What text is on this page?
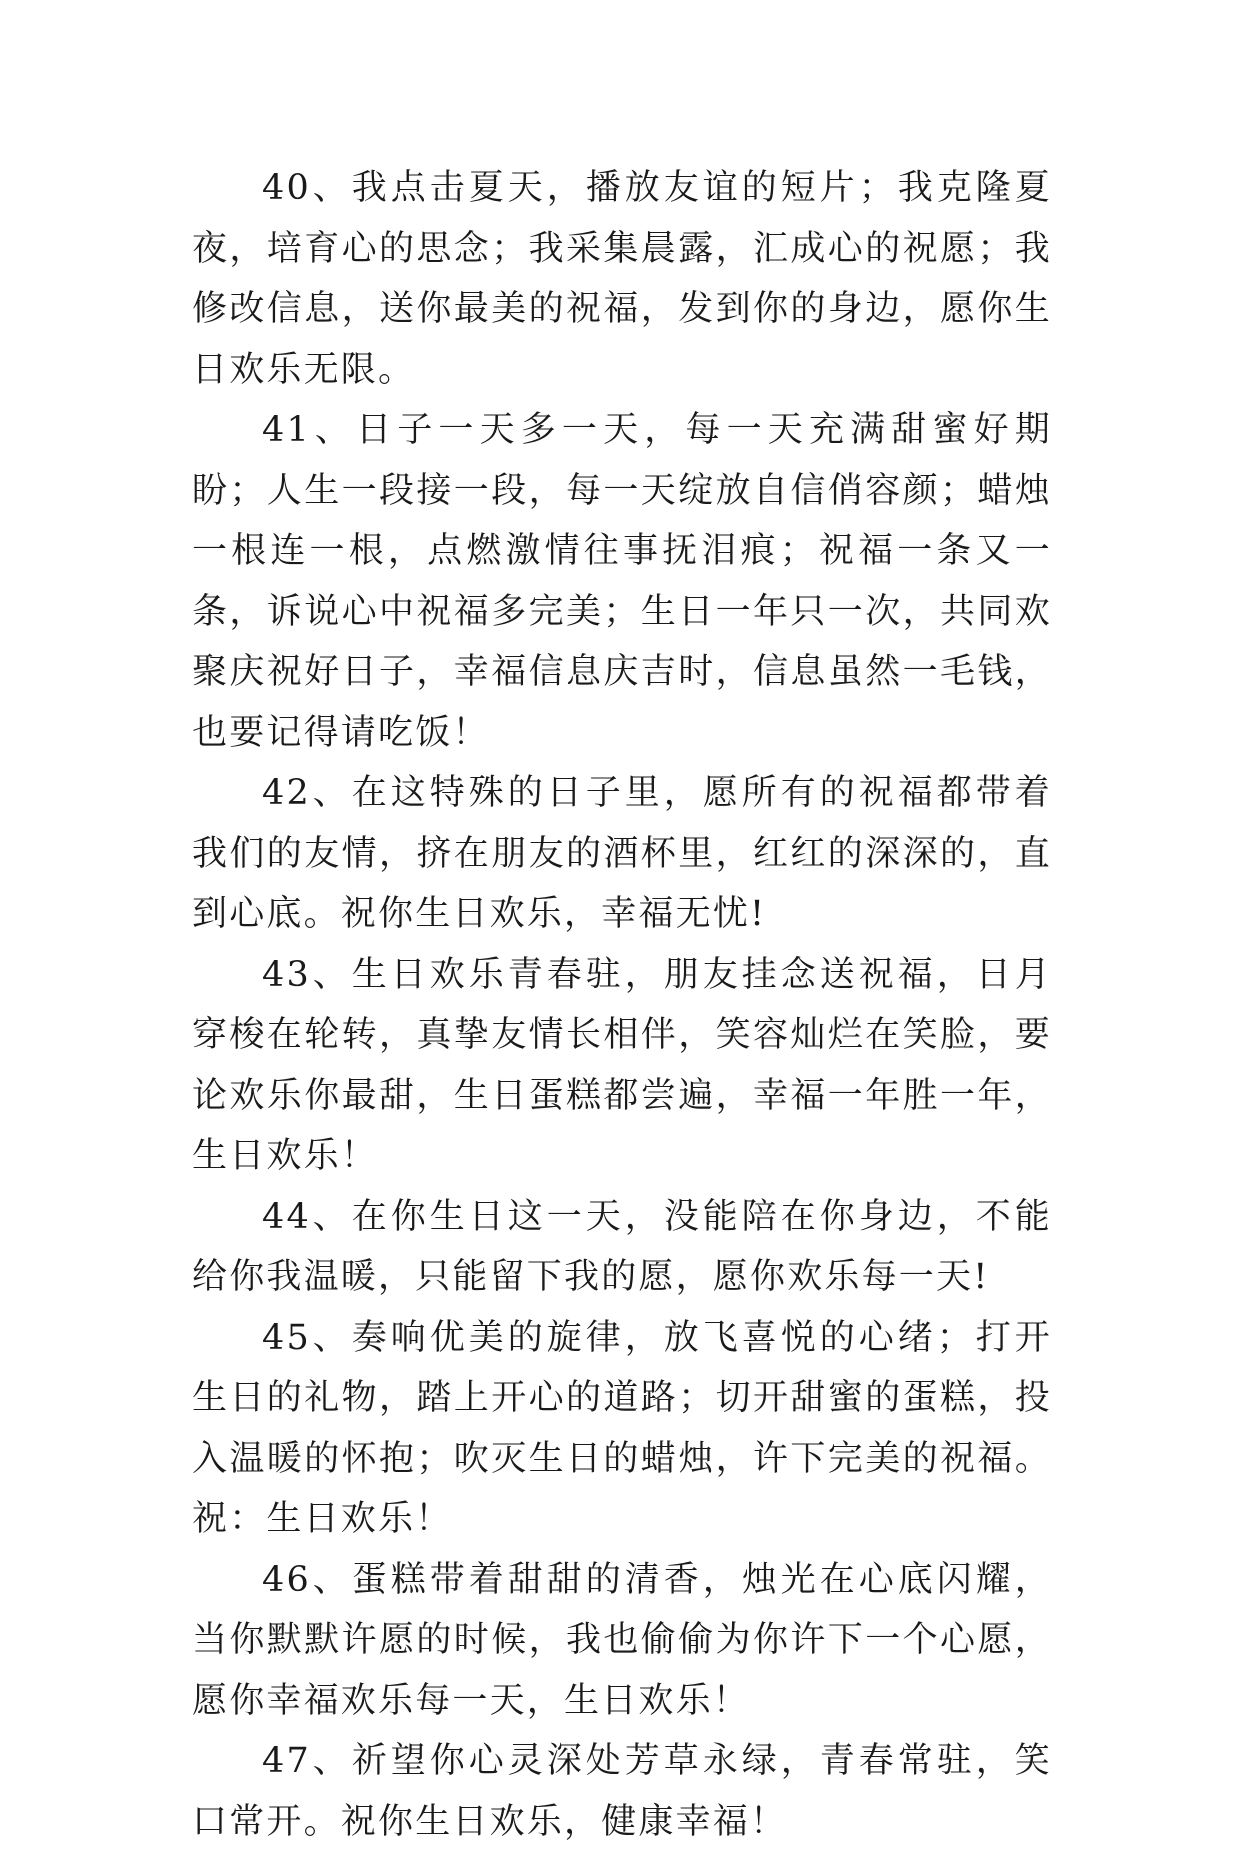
40、我点击夏天，播放友谊的短片；我克隆夏夜，培育心的思念；我采集晨露，汇成心的祝愿；我修改信息，送你最美的祝福，发到你的身边，愿你生日欢乐无限。

41、日子一天多一天，每一天充满甜蜜好期盼；人生一段接一段，每一天绽放自信俏容颜；蜡烛一根连一根，点燃激情往事抚泪痕；祝福一条又一条，诉说心中祝福多完美；生日一年只一次，共同欢聚庆祝好日子，幸福信息庆吉时，信息虽然一毛钱，也要记得请吃饭！

42、在这特殊的日子里，愿所有的祝福都带着我们的友情，挤在朋友的酒杯里，红红的深深的，直到心底。祝你生日欢乐，幸福无忧!

43、生日欢乐青春驻，朋友挂念送祝福，日月穿梭在轮转，真挚友情长相伴，笑容灿烂在笑脸，要论欢乐你最甜，生日蛋糕都尝遍，幸福一年胜一年，生日欢乐！

44、在你生日这一天，没能陪在你身边，不能给你我温暖，只能留下我的愿，愿你欢乐每一天!

45、奏响优美的旋律，放飞喜悦的心绪；打开生日的礼物，踏上开心的道路；切开甜蜜的蛋糕，投入温暖的怀抱；吹灭生日的蜡烛，许下完美的祝福。祝：生日欢乐！

46、蛋糕带着甜甜的清香，烛光在心底闪耀，当你默默许愿的时候，我也偷偷为你许下一个心愿，愿你幸福欢乐每一天，生日欢乐！

47、祈望你心灵深处芳草永绿，青春常驻，笑口常开。祝你生日欢乐，健康幸福！
